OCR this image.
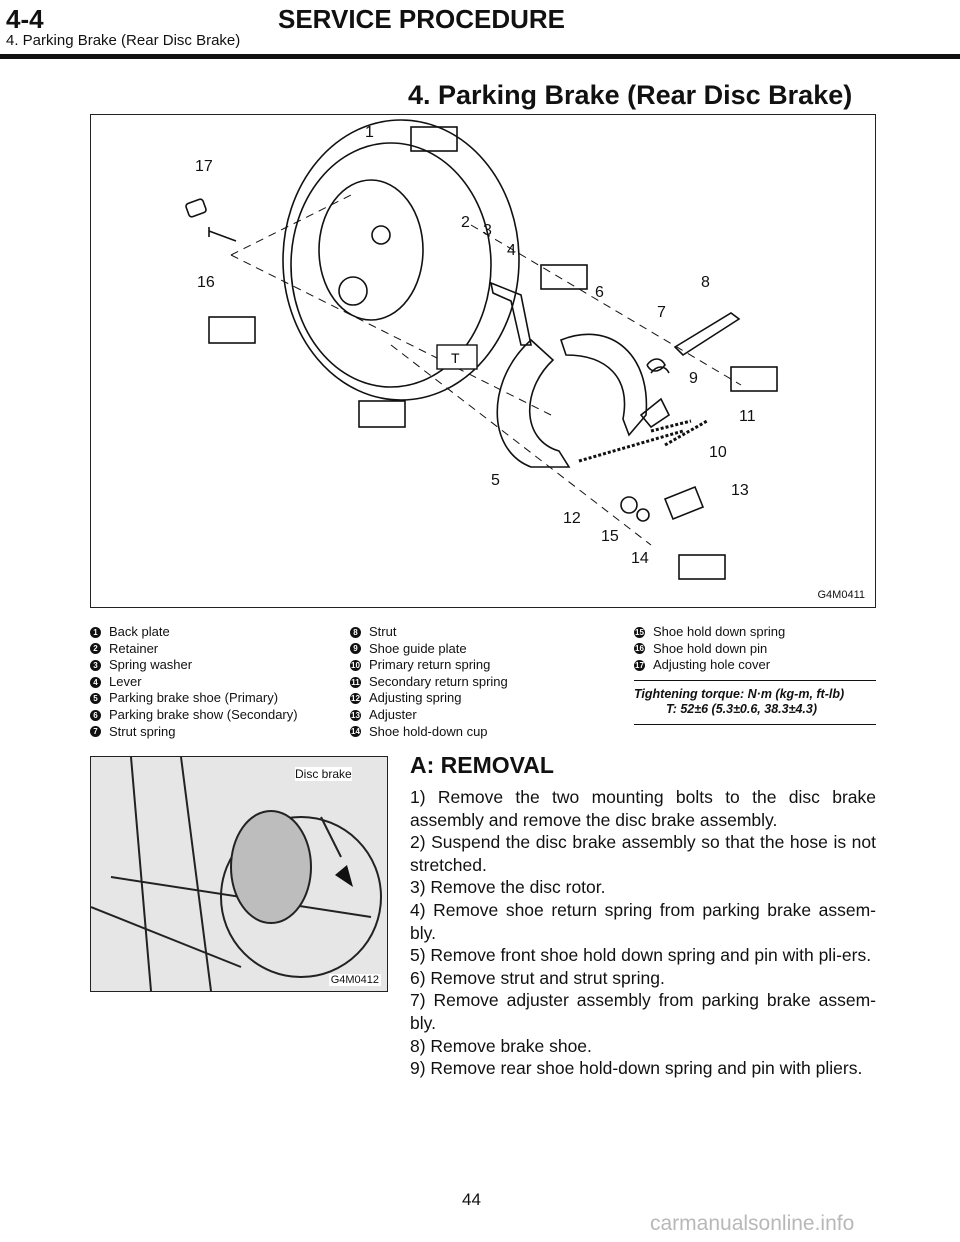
4-4	SERVICE PROCEDURE
4. Parking Brake (Rear Disc Brake)
4. Parking Brake (Rear Disc Brake)
T
1
2 3
4
5
6
7
8
9
10
11
12
13
14
15
16
17
G4M0411
1 Back plate
2 Retainer
3 Spring washer
4 Lever
5 Parking brake shoe (Primary)
6 Parking brake show (Secondary)
7 Strut spring
8 Strut
9 Shoe guide plate
10 Primary return spring
11 Secondary return spring
12 Adjusting spring
13 Adjuster
14 Shoe hold-down cup
15 Shoe hold down spring
16 Shoe hold down pin
17 Adjusting hole cover
Tightening torque: N·m (kg-m, ft-lb)
T: 52±6 (5.3±0.6, 38.3±4.3)
Disc brake
G4M0412
A: REMOVAL

1) Remove the two mounting bolts to the disc brake assembly and remove the disc brake assembly.

2) Suspend the disc brake assembly so that the hose is not stretched.

3) Remove the disc rotor.

4) Remove shoe return spring from parking brake assem-bly.

5) Remove front shoe hold down spring and pin with pli-ers.

6) Remove strut and strut spring.

7) Remove adjuster assembly from parking brake assem-bly.

8) Remove brake shoe.

9) Remove rear shoe hold-down spring and pin with pliers.

44
carmanualsonline.info
